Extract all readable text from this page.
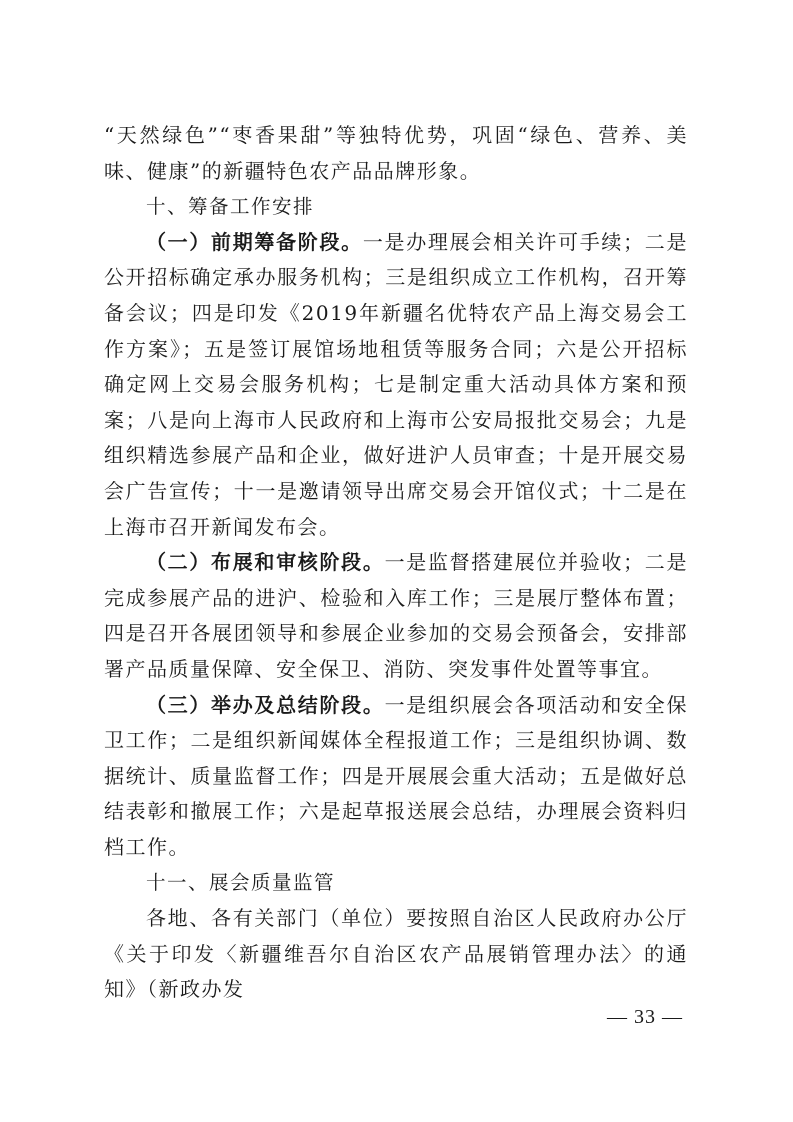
“天然绿色”“枣香果甜”等独特优势，巩固“绿色、营养、美味、健康”的新疆特色农产品品牌形象。

十、筹备工作安排

（一）前期筹备阶段。一是办理展会相关许可手续；二是公开招标确定承办服务机构；三是组织成立工作机构，召开筹备会议；四是印发《2019年新疆名优特农产品上海交易会工作方案》；五是签订展馆场地租赁等服务合同；六是公开招标确定网上交易会服务机构；七是制定重大活动具体方案和预案；八是向上海市人民政府和上海市公安局报批交易会；九是组织精选参展产品和企业，做好进沪人员审查；十是开展交易会广告宣传；十一是邀请领导出席交易会开馆仪式；十二是在上海市召开新闻发布会。

（二）布展和审核阶段。一是监督搭建展位并验收；二是完成参展产品的进沪、检验和入库工作；三是展厅整体布置；四是召开各展团领导和参展企业参加的交易会预备会，安排部署产品质量保障、安全保卫、消防、突发事件处置等事宜。

（三）举办及总结阶段。一是组织展会各项活动和安全保卫工作；二是组织新闻媒体全程报道工作；三是组织协调、数据统计、质量监督工作；四是开展展会重大活动；五是做好总结表彰和撤展工作；六是起草报送展会总结，办理展会资料归档工作。

十一、展会质量监管

各地、各有关部门（单位）要按照自治区人民政府办公厅《关于印发〈新疆维吾尔自治区农产品展销管理办法〉的通知》（新政办发

— 33 —
